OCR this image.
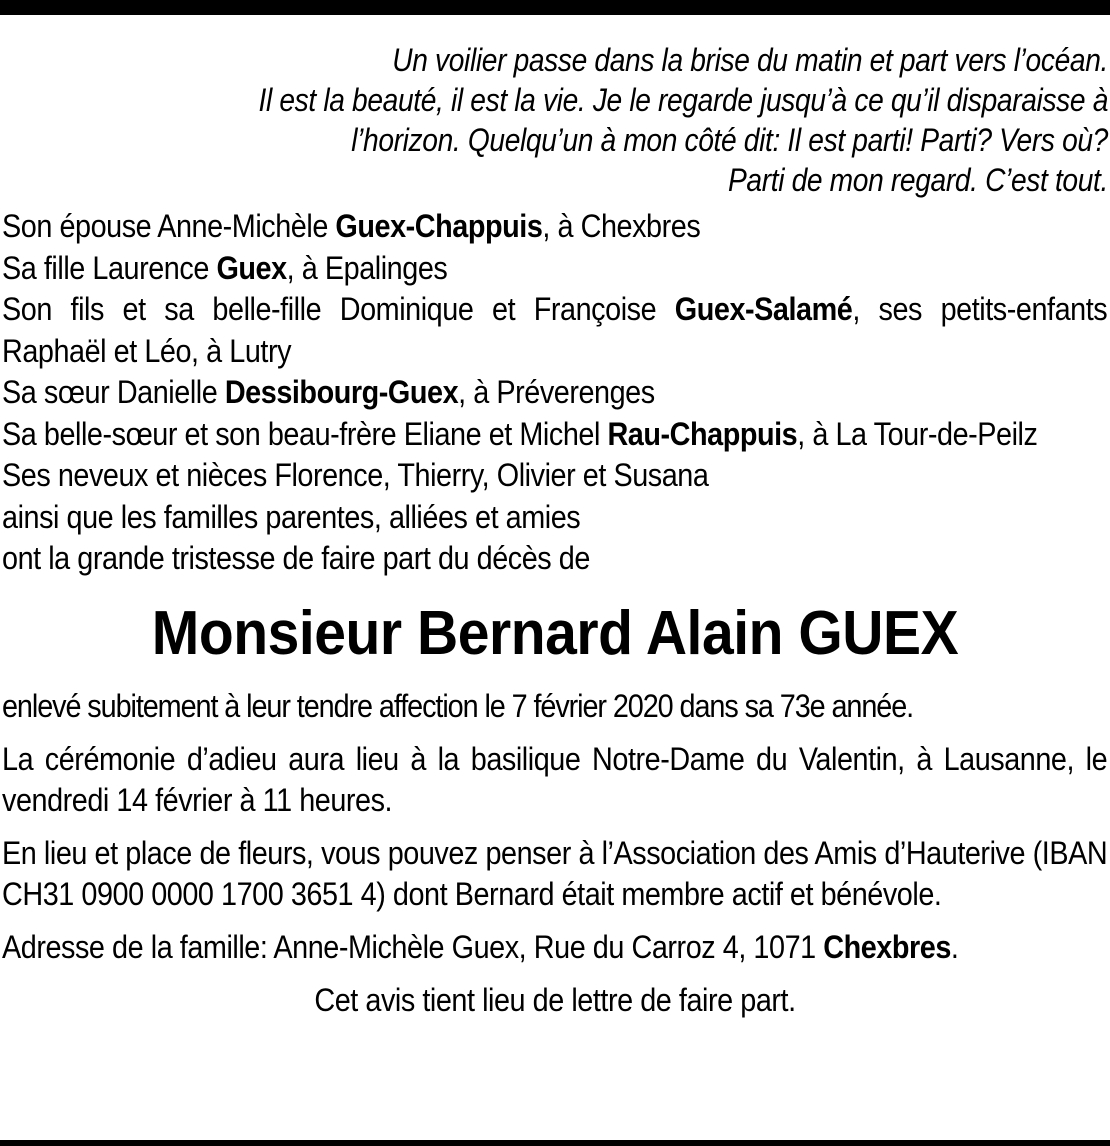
Un voilier passe dans la brise du matin et part vers l’océan.
Il est la beauté, il est la vie. Je le regarde jusqu’à ce qu’il disparaisse à
l’horizon. Quelqu’un à mon côté dit: Il est parti! Parti? Vers où?
Parti de mon regard. C’est tout.
Son épouse Anne-Michèle Guex-Chappuis, à Chexbres
Sa fille Laurence Guex, à Epalinges
Son fils et sa belle-fille Dominique et Françoise Guex-Salamé, ses petits-enfants Raphaël et Léo, à Lutry
Sa sœur Danielle Dessibourg-Guex, à Préverenges
Sa belle-sœur et son beau-frère Eliane et Michel Rau-Chappuis, à La Tour-de-Peilz
Ses neveux et nièces Florence, Thierry, Olivier et Susana
ainsi que les familles parentes, alliées et amies
ont la grande tristesse de faire part du décès de
Monsieur Bernard Alain GUEX
enlevé subitement à leur tendre affection le 7 février 2020 dans sa 73e année.
La cérémonie d’adieu aura lieu à la basilique Notre-Dame du Valentin, à Lausanne, le vendredi 14 février à 11 heures.
En lieu et place de fleurs, vous pouvez penser à l’Association des Amis d’Hauterive (IBAN CH31 0900 0000 1700 3651 4) dont Bernard était membre actif et bénévole.
Adresse de la famille: Anne-Michèle Guex, Rue du Carroz 4, 1071 Chexbres.
Cet avis tient lieu de lettre de faire part.
